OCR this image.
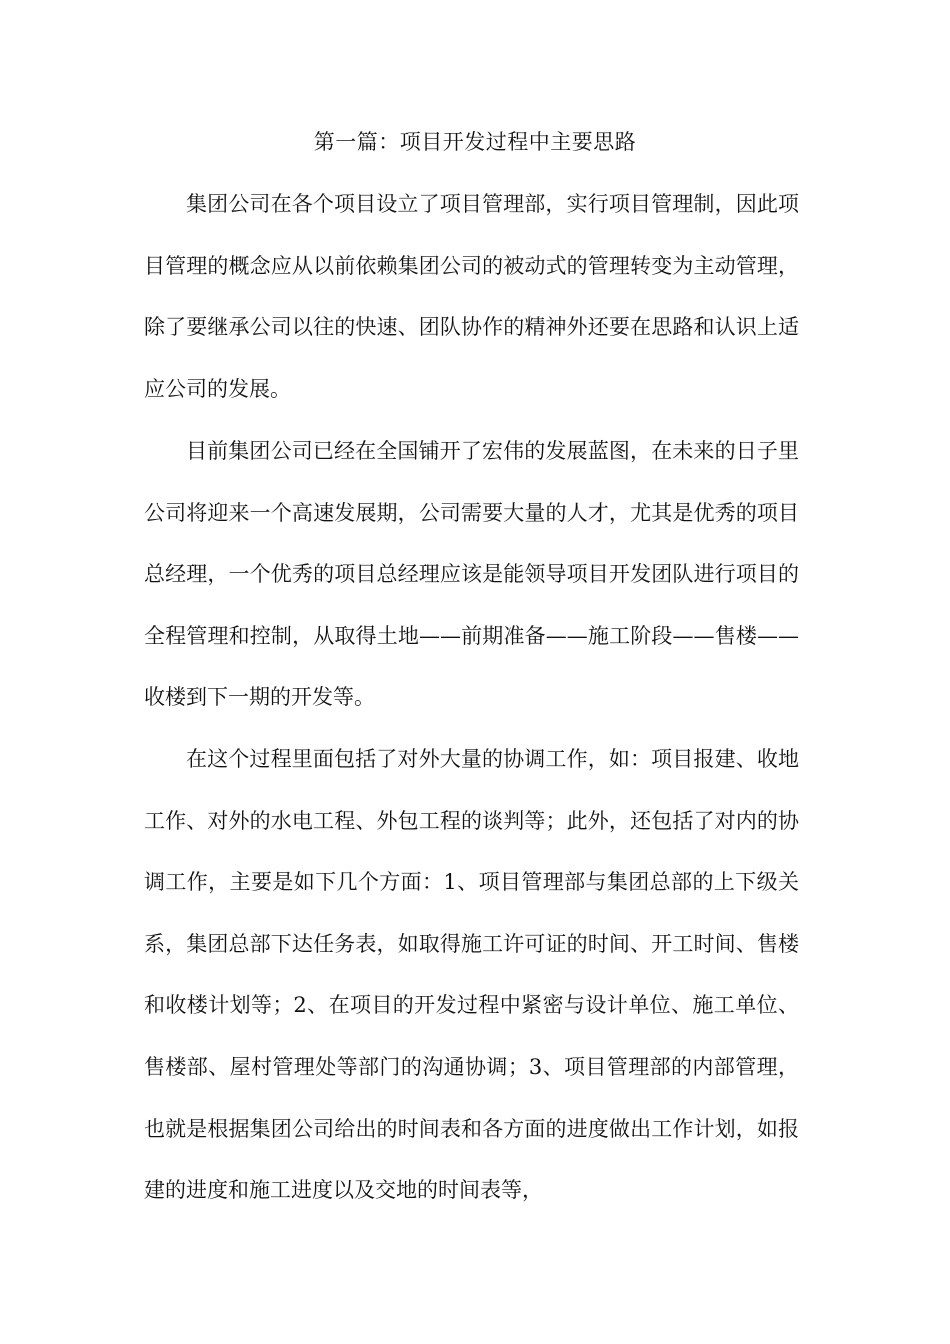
第一篇：项目开发过程中主要思路

集团公司在各个项目设立了项目管理部，实行项目管理制，因此项目管理的概念应从以前依赖集团公司的被动式的管理转变为主动管理，除了要继承公司以往的快速、团队协作的精神外还要在思路和认识上适应公司的发展。

目前集团公司已经在全国铺开了宏伟的发展蓝图，在未来的日子里公司将迎来一个高速发展期，公司需要大量的人才，尤其是优秀的项目总经理，一个优秀的项目总经理应该是能领导项目开发团队进行项目的全程管理和控制，从取得土地——前期准备——施工阶段——售楼——收楼到下一期的开发等。

在这个过程里面包括了对外大量的协调工作，如：项目报建、收地工作、对外的水电工程、外包工程的谈判等；此外，还包括了对内的协调工作，主要是如下几个方面：1、项目管理部与集团总部的上下级关系，集团总部下达任务表，如取得施工许可证的时间、开工时间、售楼和收楼计划等；2、在项目的开发过程中紧密与设计单位、施工单位、售楼部、屋村管理处等部门的沟通协调；3、项目管理部的内部管理，也就是根据集团公司给出的时间表和各方面的进度做出工作计划，如报建的进度和施工进度以及交地的时间表等，
